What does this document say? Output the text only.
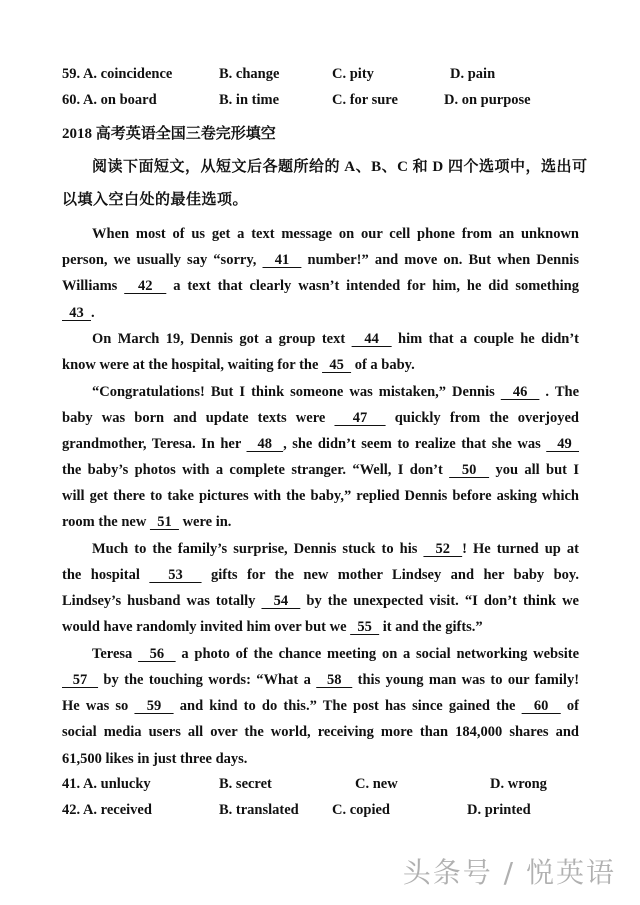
59. A. coincidence	B. change	C. pity	D. pain
60. A. on board	B. in time	C. for sure	D. on purpose
2018 高考英语全国三卷完形填空
阅读下面短文，从短文后各题所给的 A、B、C 和 D 四个选项中，选出可
以填入空白处的最佳选项。
When most of us get a text message on our cell phone from an unknown
person, we usually say “sorry,   41   number!” and move on. But when Dennis
Williams   42   a text that clearly wasn’t intended for him, he did something
43  .
On March 19, Dennis got a group text   44   him that a couple he didn’t
know were at the hospital, waiting for the   45   of a baby.
“Congratulations! But I think someone was mistaken,” Dennis   46   . The
baby was born and update texts were   47   quickly from the overjoyed
grandmother, Teresa. In her   48  , she didn’t seem to realize that she was   49
the baby’s photos with a complete stranger. “Well, I don’t   50   you all but I
will get there to take pictures with the baby,” replied Dennis before asking which
room the new   51   were in.
Much to the family’s surprise, Dennis stuck to his   52  ! He turned up at
the hospital   53   gifts for the new mother Lindsey and her baby boy.
Lindsey’s husband was totally   54   by the unexpected visit. “I don’t think we
would have randomly invited him over but we   55   it and the gifts.”
Teresa   56   a photo of the chance meeting on a social networking website
57   by the touching words: “What a   58   this young man was to our family!
He was so   59   and kind to do this.” The post has since gained the   60   of
social media users all over the world, receiving more than 184,000 shares and
61,500 likes in just three days.
41. A. unlucky	B. secret	C. new	D. wrong
42. A. received	B. translated C. copied	D. printed
头条号 / 悦英语
